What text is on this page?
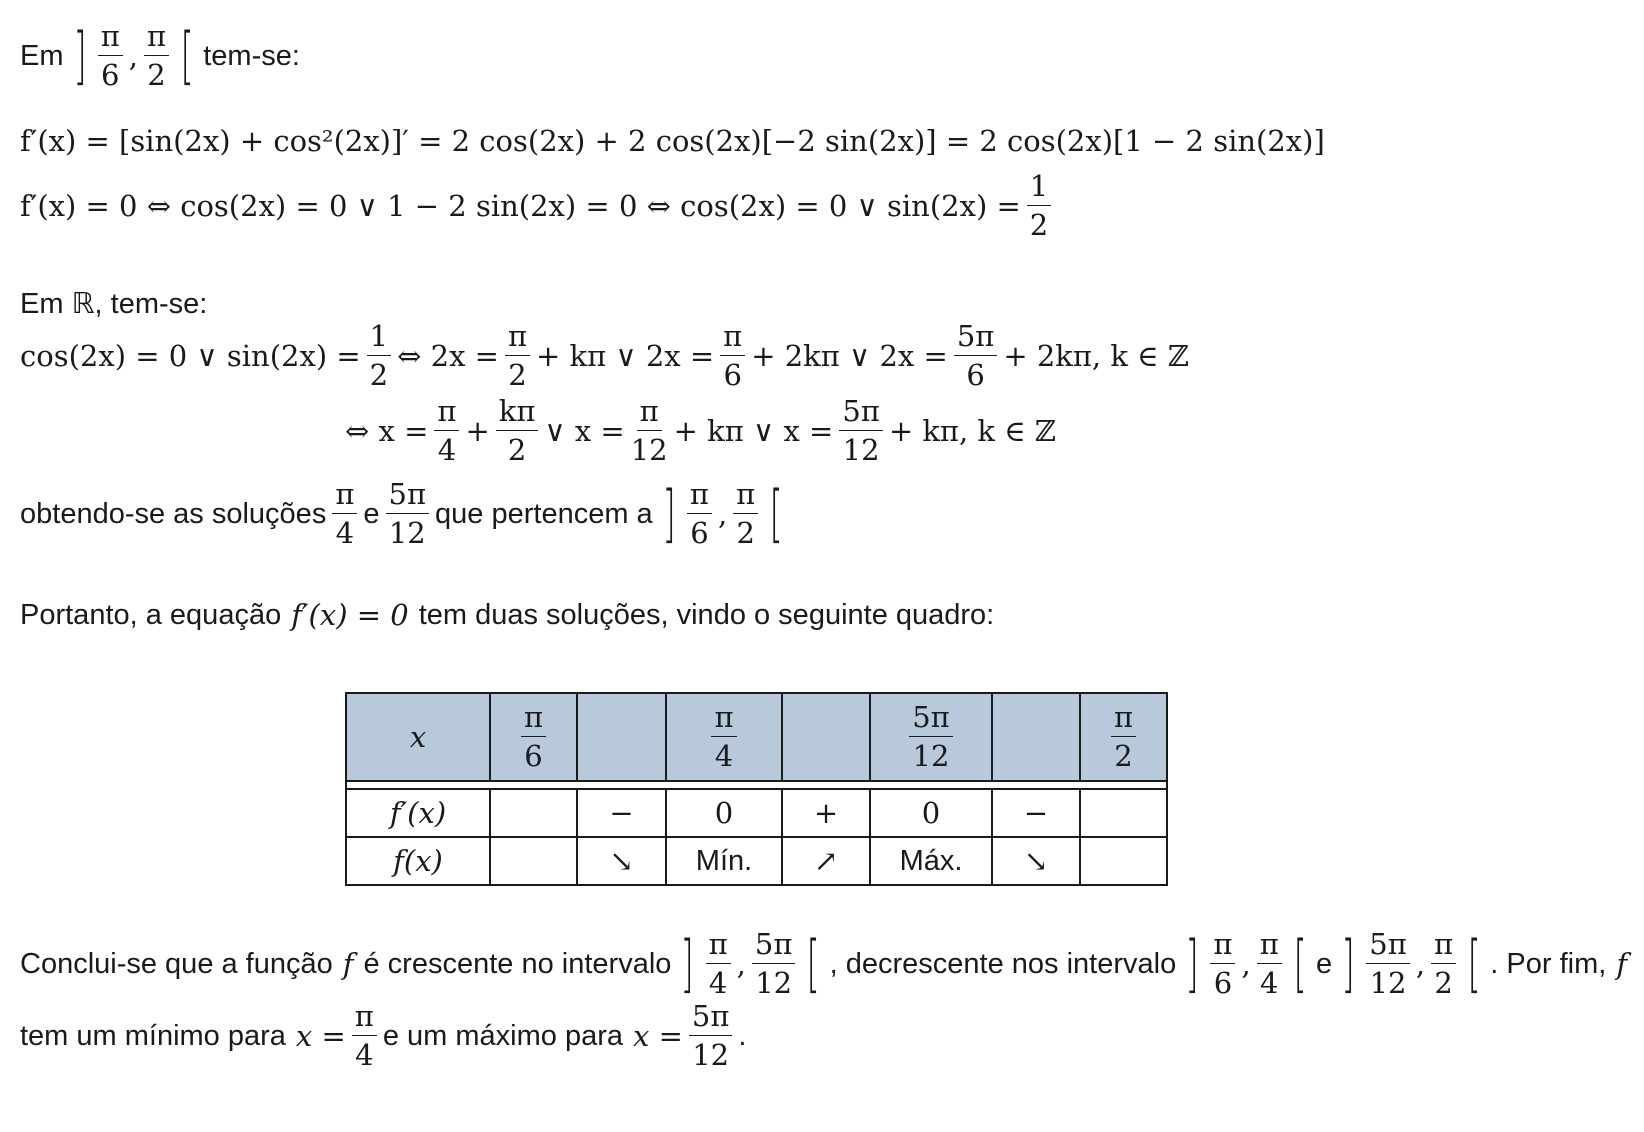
Em ] $\frac{\pi}{6}$ , $\frac{\pi}{2}$ [ tem-se:
f′(x) = [sin(2x) + cos²(2x)]′ = 2 cos(2x) + 2 cos(2x)[−2 sin(2x)] = 2 cos(2x)[1 − 2 sin(2x)]
f′(x) = 0 ⇔ cos(2x) = 0 ∨ 1 − 2 sin(2x) = 0 ⇔ cos(2x) = 0 ∨ $\sin(2x) = \frac{1}{2}$
Em ℝ, tem-se:
cos(2x) = 0 ∨ $\sin(2x) = \frac{1}{2}$ ⇔ $2x = \frac{\pi}{2} + k\pi$ ∨ $2x = \frac{\pi}{6} + 2k\pi$ ∨ $2x = \frac{5\pi}{6} + 2k\pi$, k ∈ ℤ
⇔ $x = \frac{\pi}{4} + \frac{k\pi}{2}$ ∨ $x = \frac{\pi}{12} + k\pi$ ∨ $x = \frac{5\pi}{12} + k\pi$, k ∈ ℤ
obtendo-se as soluções $\frac{\pi}{4}$ e $\frac{5\pi}{12}$ que pertencem a ] $\frac{\pi}{6}$ , $\frac{\pi}{2}$ [
Portanto, a equação f′(x) = 0 tem duas soluções, vindo o seguinte quadro:
x	$\frac{\pi}{6}$		$\frac{\pi}{4}$		$\frac{5\pi}{12}$		$\frac{\pi}{2}$

f′(x)		−	0	+	0	−	
f(x)		↘	Mín.	↗	Máx.	↘	
Conclui-se que a função f é crescente no intervalo ] $\frac{\pi}{4}$ , $\frac{5\pi}{12}$ [ , decrescente nos intervalo ] $\frac{\pi}{6}$ , $\frac{\pi}{4}$ [ e ] $\frac{5\pi}{12}$ , $\frac{\pi}{2}$ [ . Por fim, f
tem um mínimo para $x = \frac{\pi}{4}$ e um máximo para $x = \frac{5\pi}{12}$ .
